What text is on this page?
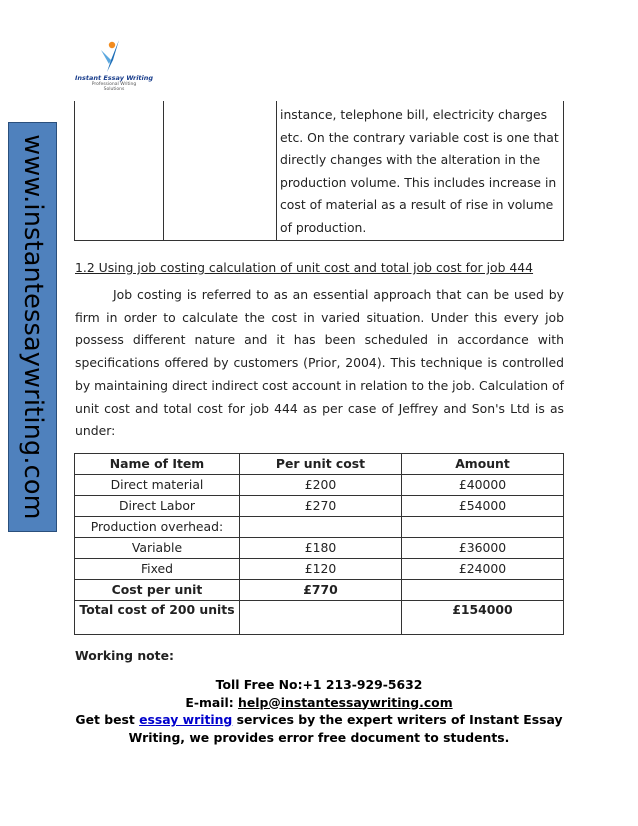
Instant Essay Writing
Professional Writing
Solutions
www.instantessaywriting.com

instance, telephone bill, electricity charges
etc. On the contrary variable cost is one that
directly changes with the alteration in the
production volume. This includes increase in
cost of material as a result of rise in volume
of production.
1.2 Using job costing calculation of unit cost and total job cost for job 444

Job costing is referred to as an essential approach that can be used by firm in order to calculate the cost in varied situation. Under this every job possess different nature and it has been scheduled in accordance with specifications offered by customers (Prior, 2004). This technique is controlled by maintaining direct indirect cost account in relation to the job. Calculation of unit cost and total cost for job 444 as per case of Jeffrey and Son's Ltd is as under:

Name of Item	Per unit cost	Amount
Direct material	£200	£40000
Direct Labor	£270	£54000
Production overhead:		
Variable	£180	£36000
Fixed	£120	£24000
Cost per unit	£770	
Total cost of 200 units		£154000
Working note:
Toll Free No:+1 213-929-5632
E-mail: help@instantessaywriting.com
Get best essay writing services by the expert writers of Instant Essay Writing, we provides error free document to students.
